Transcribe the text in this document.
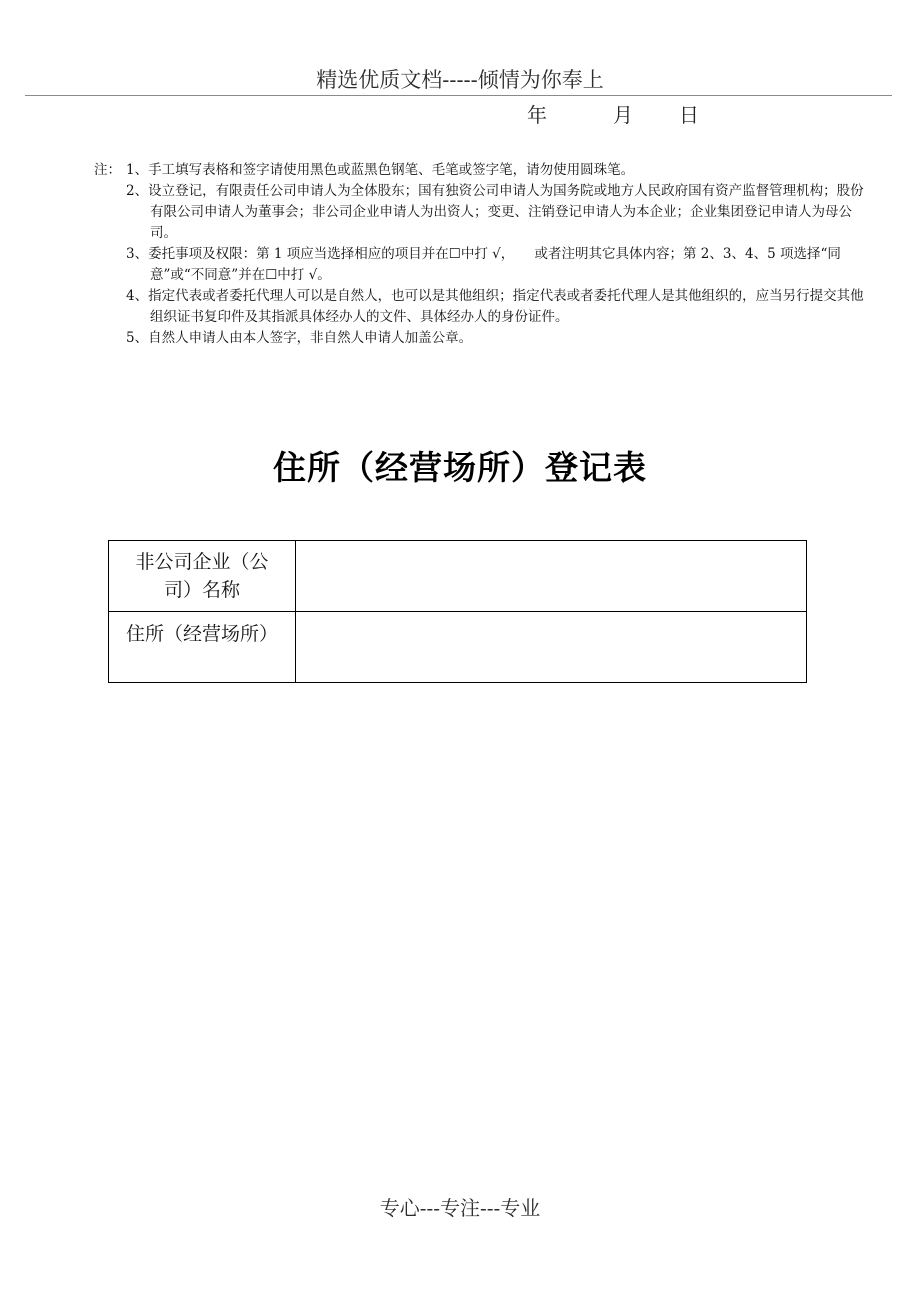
精选优质文档-----倾情为你奉上
年	月 日

注： 1、手工填写表格和签字请使用黑色或蓝黑色钢笔、毛笔或签字笔，请勿使用圆珠笔。

2、设立登记，有限责任公司申请人为全体股东；国有独资公司申请人为国务院或地方人民政府国有资产监督管理机构；股份有限公司申请人为董事会；非公司企业申请人为出资人；变更、注销登记申请人为本企业；企业集团登记申请人为母公司。

3、委托事项及权限：第 1 项应当选择相应的项目并在☐中打 √，　　或者注明其它具体内容；第 2、3、4、5 项选择“同意”或“不同意”并在☐中打 √。

4、指定代表或者委托代理人可以是自然人，也可以是其他组织；指定代表或者委托代理人是其他组织的，应当另行提交其他组织证书复印件及其指派具体经办人的文件、具体经办人的身份证件。

5、自然人申请人由本人签字，非自然人申请人加盖公章。

住所（经营场所）登记表
非公司企业（公司）名称	

住所（经营场所）	
专心---专注---专业
